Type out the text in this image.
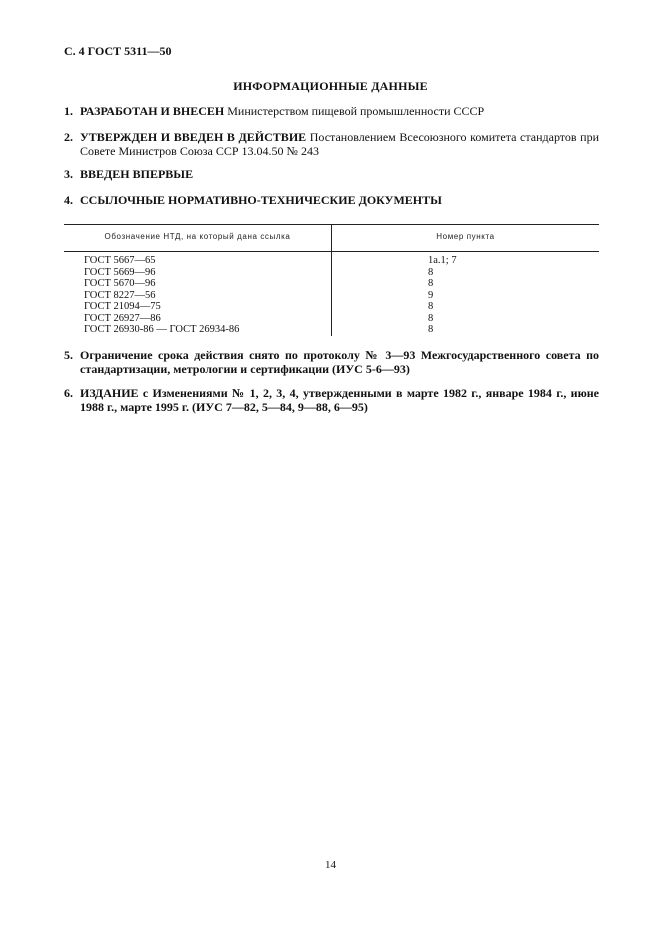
С. 4 ГОСТ 5311—50
ИНФОРМАЦИОННЫЕ ДАННЫЕ
1. РАЗРАБОТАН И ВНЕСЕН Министерством пищевой промышленности СССР
2. УТВЕРЖДЕН И ВВЕДЕН В ДЕЙСТВИЕ Постановлением Всесоюзного комитета стандартов при Совете Министров Союза ССР 13.04.50 № 243
3. ВВЕДЕН ВПЕРВЫЕ
4. ССЫЛОЧНЫЕ НОРМАТИВНО-ТЕХНИЧЕСКИЕ ДОКУМЕНТЫ
Обозначение НТД, на который дана ссылка	Номер пункта
ГОСТ 5667—65	1а.1; 7
ГОСТ 5669—96	8
ГОСТ 5670—96	8
ГОСТ 8227—56	9
ГОСТ 21094—75	8
ГОСТ 26927—86	8
ГОСТ 26930-86 — ГОСТ 26934-86	8
5. Ограничение срока действия снято по протоколу № 3—93 Межгосударственного совета по стандартизации, метрологии и сертификации (ИУС 5-6—93)
6. ИЗДАНИЕ с Изменениями № 1, 2, 3, 4, утвержденными в марте 1982 г., январе 1984 г., июне 1988 г., марте 1995 г. (ИУС 7—82, 5—84, 9—88, 6—95)
14
